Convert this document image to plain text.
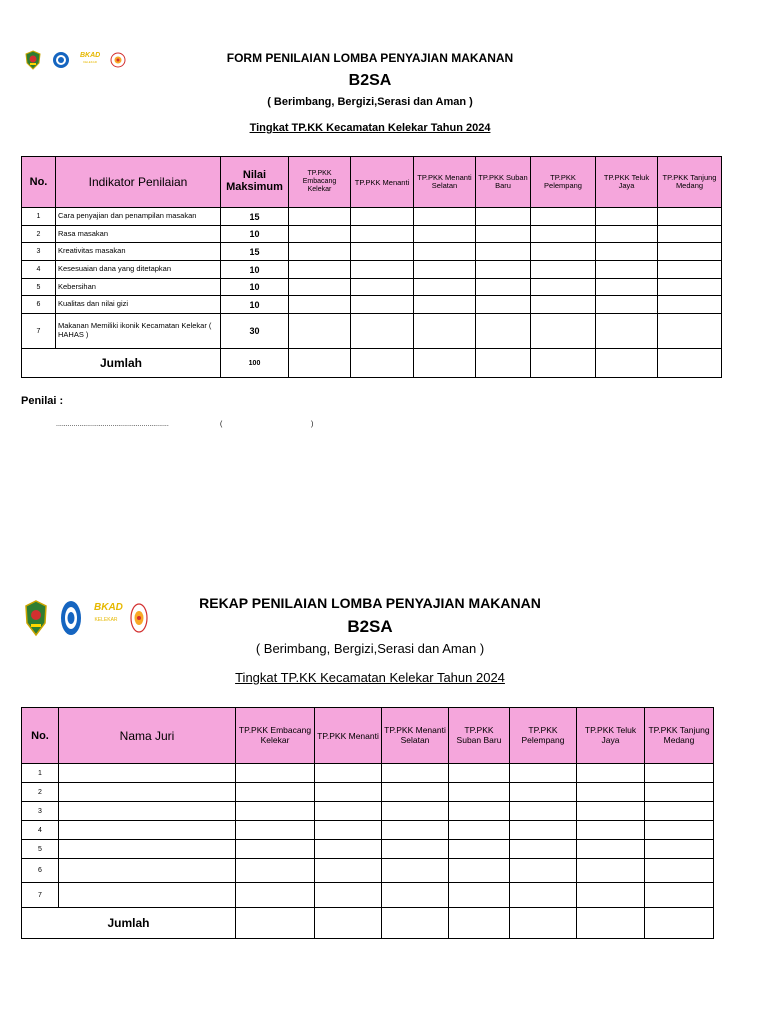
BKAD
KELEKAR	FORM PENILAIAN LOMBA PENYAJIAN MAKANAN
B2SA
( Berimbang, Bergizi,Serasi dan Aman )
Tingkat TP.KK Kecamatan Kelekar Tahun 2024
No.	Indikator Penilaian	Nilai Maksimum	TP.PKK Embacang Kelekar	TP.PKK Menanti	TP.PKK Menanti Selatan	TP.PKK Suban Baru	TP.PKK Pelempang	TP.PKK Teluk Jaya	TP.PKK Tanjung Medang
1	Cara penyajian dan penampilan masakan	15							
2	Rasa masakan	10							
3	Kreativitas masakan	15							
4	Kesesuaian dana yang ditetapkan	10							
5	Kebersihan	10							
6	Kualitas dan nilai gizi	10							
7	Makanan Memiliki ikonik Kecamatan Kelekar ( HAHAS )	30							
Jumlah		100							
Penilai :
..........................................................	(	)
BKAD
KELEKAR
REKAP PENILAIAN LOMBA PENYAJIAN MAKANAN
B2SA
( Berimbang, Bergizi,Serasi dan Aman )
Tingkat TP.KK Kecamatan Kelekar Tahun 2024
No.	Nama Juri	TP.PKK Embacang Kelekar	TP.PKK Menanti	TP.PKK Menanti Selatan	TP.PKK Suban Baru	TP.PKK Pelempang	TP.PKK Teluk Jaya	TP.PKK Tanjung Medang
1								
2								
3								
4								
5								
6								
7								
Jumlah								
